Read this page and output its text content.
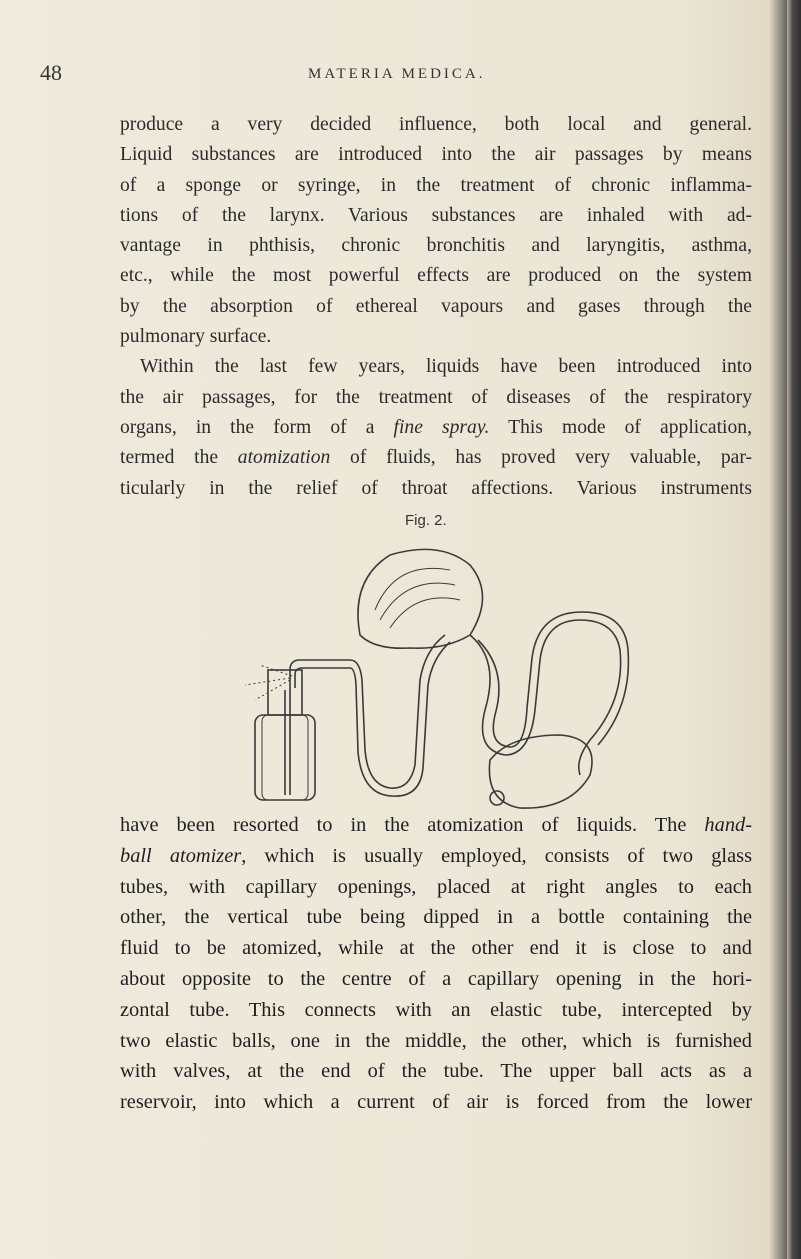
48	MATERIA MEDICA.
produce a very decided influence, both local and general.
Liquid substances are introduced into the air passages by means
of a sponge or syringe, in the treatment of chronic inflamma-
tions of the larynx. Various substances are inhaled with ad-
vantage in phthisis, chronic bronchitis and laryngitis, asthma,
etc., while the most powerful effects are produced on the system
by the absorption of ethereal vapours and gases through the
pulmonary surface.
Within the last few years, liquids have been introduced into
the air passages, for the treatment of diseases of the respiratory
organs, in the form of a fine spray. This mode of application,
termed the atomization of fluids, has proved very valuable, par-
ticularly in the relief of throat affections. Various instruments
Fig. 2.
have been resorted to in the atomization of liquids. The hand-
ball atomizer, which is usually employed, consists of two glass
tubes, with capillary openings, placed at right angles to each
other, the vertical tube being dipped in a bottle containing the
fluid to be atomized, while at the other end it is close to and
about opposite to the centre of a capillary opening in the hori-
zontal tube. This connects with an elastic tube, intercepted by
two elastic balls, one in the middle, the other, which is furnished
with valves, at the end of the tube. The upper ball acts as a
reservoir, into which a current of air is forced from the lower
